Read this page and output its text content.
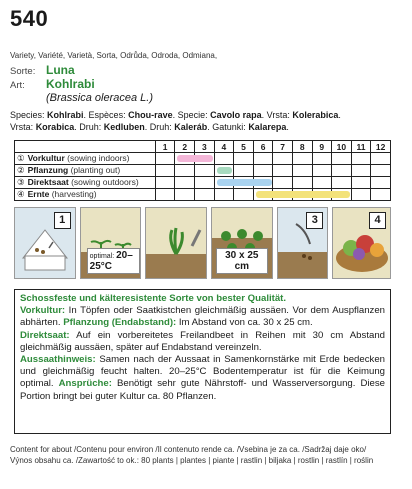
540
Variety, Variété, Varietà, Sorta, Odrůda, Odroda, Odmiana,
Sorte: Luna
Art:	Kohlrabi
(Brassica oleracea L.)
Species: Kohlrabi. Espèces: Chou-rave. Specie: Cavolo rapa. Vrsta: Kolerabica.
Vrsta: Korabica. Druh: Kedluben. Druh: Kaleráb. Gatunki: Kalarepa.
	1	2	3	4	5	6	7	8	9	10	11	12
① Vorkultur (sowing indoors)		

② Pflanzung (planting out)				

③ Direktsaat (sowing outdoors)				

④ Ernte (harvesting)						

1
optimal: 20–25°C
30 x 25 cm
3	4
Schossfeste und kälteresistente Sorte von bester Qualität.
Vorkultur: In Töpfen oder Saatkistchen gleichmäßig aussäen. Vor dem Auspflanzen abhärten. Pflanzung (Endabstand): Im Abstand von ca. 30 x 25 cm.
Direktsaat: Auf ein vorbereitetes Freilandbeet in Reihen mit 30 cm Abstand gleichmäßig aussäen, später auf Endabstand vereinzeln.
Aussaathinweis: Samen nach der Aussaat in Samenkornstärke mit Erde bedecken und gleichmäßig feucht halten. 20–25°C Bodentemperatur ist für die Keimung optimal. Ansprüche: Benötigt sehr gute Nährstoff- und Wasserversorgung. Diese Portion bringt bei guter Kultur ca. 80 Pflanzen.
Content for about /Contenu pour environ /Il contenuto rende ca. /Vsebina je za ca. /Sadržaj daje oko/
Výnos obsahu ca. /Zawartość to ok.: 80 plants | plantes | piante | rastlin | biljaka | rostlin | rastlín | roślin
